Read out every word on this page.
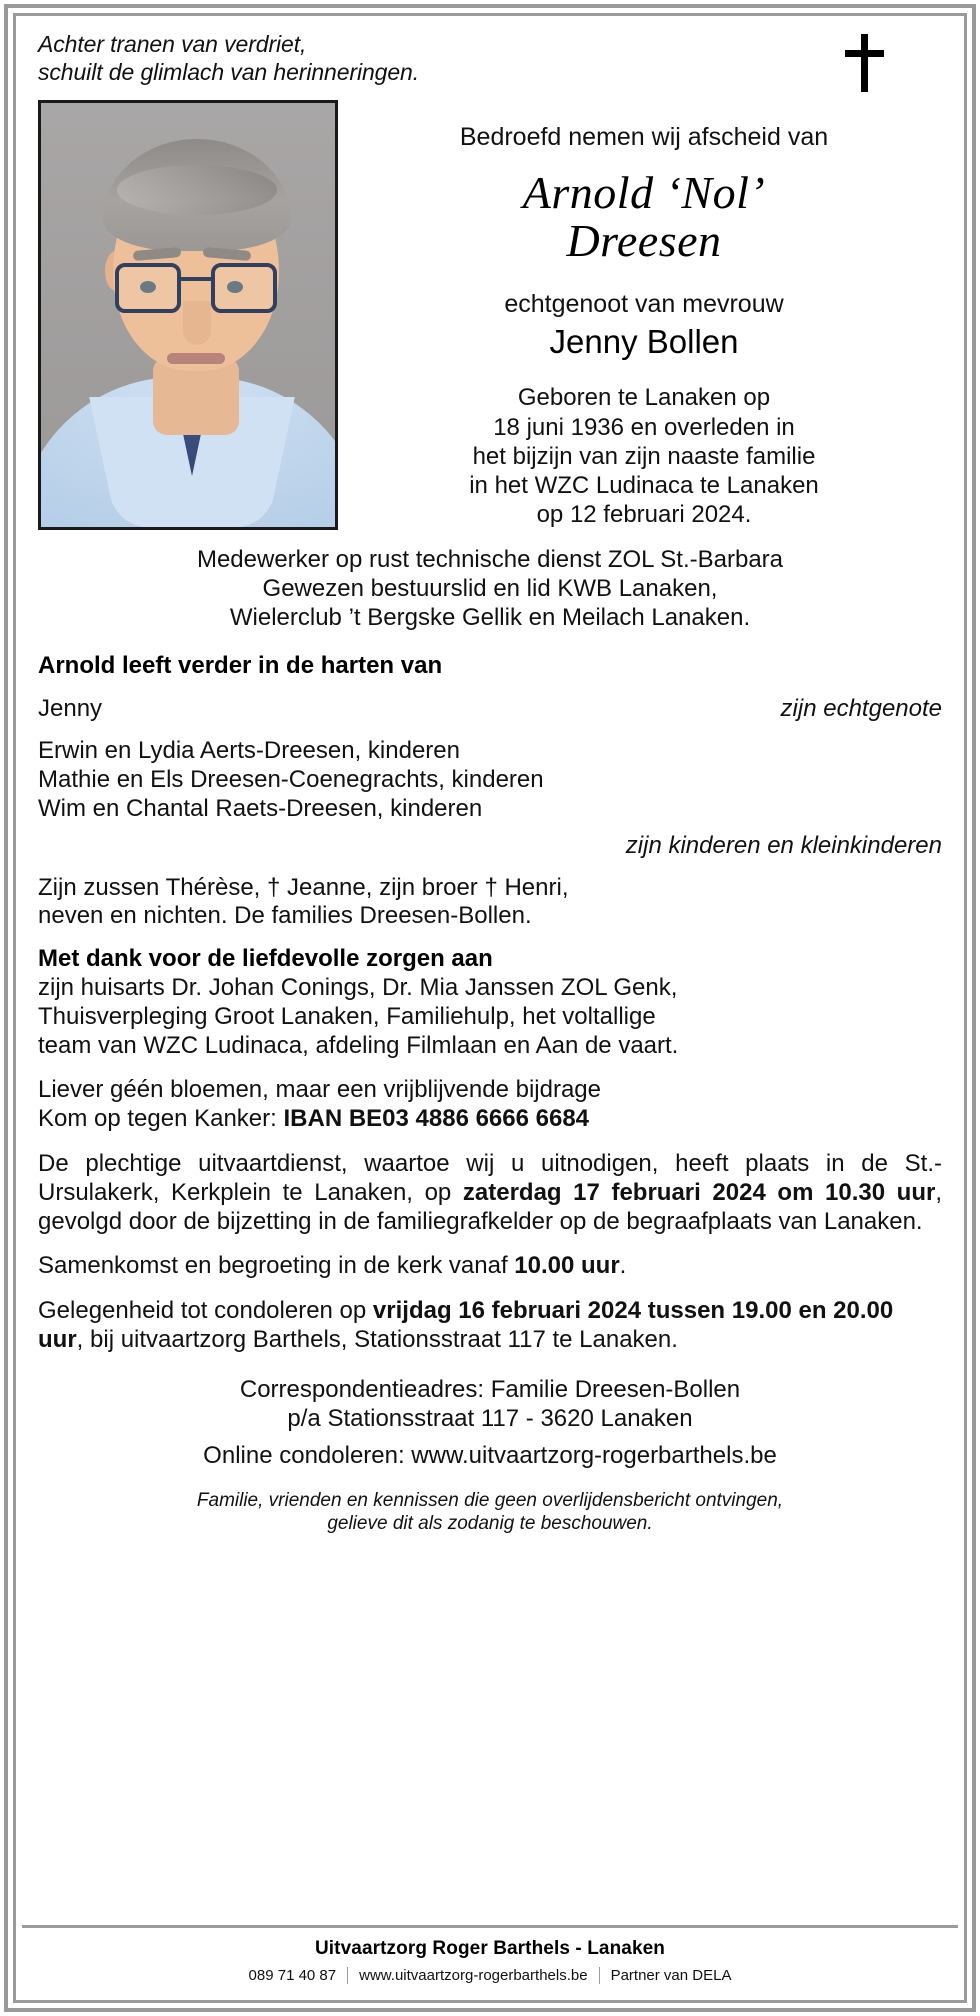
Achter tranen van verdriet,
schuilt de glimlach van herinneringen.
Bedroefd nemen wij afscheid van
Arnold ‘Nol’
Dreesen
echtgenoot van mevrouw
Jenny Bollen
Geboren te Lanaken op
18 juni 1936 en overleden in
het bijzijn van zijn naaste familie
in het WZC Ludinaca te Lanaken
op 12 februari 2024.
Medewerker op rust technische dienst ZOL St.-Barbara
Gewezen bestuurslid en lid KWB Lanaken,
Wielerclub ’t Bergske Gellik en Meilach Lanaken.
Arnold leeft verder in de harten van
Jenny	zijn echtgenote
Erwin en Lydia Aerts-Dreesen, kinderen
Mathie en Els Dreesen-Coenegrachts, kinderen
Wim en Chantal Raets-Dreesen, kinderen
zijn kinderen en kleinkinderen
Zijn zussen Thérèse, † Jeanne, zijn broer † Henri,
neven en nichten. De families Dreesen-Bollen.
Met dank voor de liefdevolle zorgen aan
zijn huisarts Dr. Johan Conings, Dr. Mia Janssen ZOL Genk,
Thuisverpleging Groot Lanaken, Familiehulp, het voltallige
team van WZC Ludinaca, afdeling Filmlaan en Aan de vaart.
Liever géén bloemen, maar een vrijblijvende bijdrage
Kom op tegen Kanker: IBAN BE03 4886 6666 6684
De plechtige uitvaartdienst, waartoe wij u uitnodigen, heeft plaats in de St.-Ursulakerk, Kerkplein te Lanaken, op zaterdag 17 februari 2024 om 10.30 uur, gevolgd door de bijzetting in de familiegrafkelder op de begraafplaats van Lanaken.
Samenkomst en begroeting in de kerk vanaf 10.00 uur.
Gelegenheid tot condoleren op vrijdag 16 februari 2024 tussen 19.00 en 20.00 uur, bij uitvaartzorg Barthels, Stationsstraat 117 te Lanaken.
Correspondentieadres: Familie Dreesen-Bollen
p/a Stationsstraat 117 - 3620 Lanaken
Online condoleren: www.uitvaartzorg-rogerbarthels.be
Familie, vrienden en kennissen die geen overlijdensbericht ontvingen,
gelieve dit als zodanig te beschouwen.
Uitvaartzorg Roger Barthels - Lanaken
089 71 40 87 www.uitvaartzorg-rogerbarthels.be Partner van DELA
